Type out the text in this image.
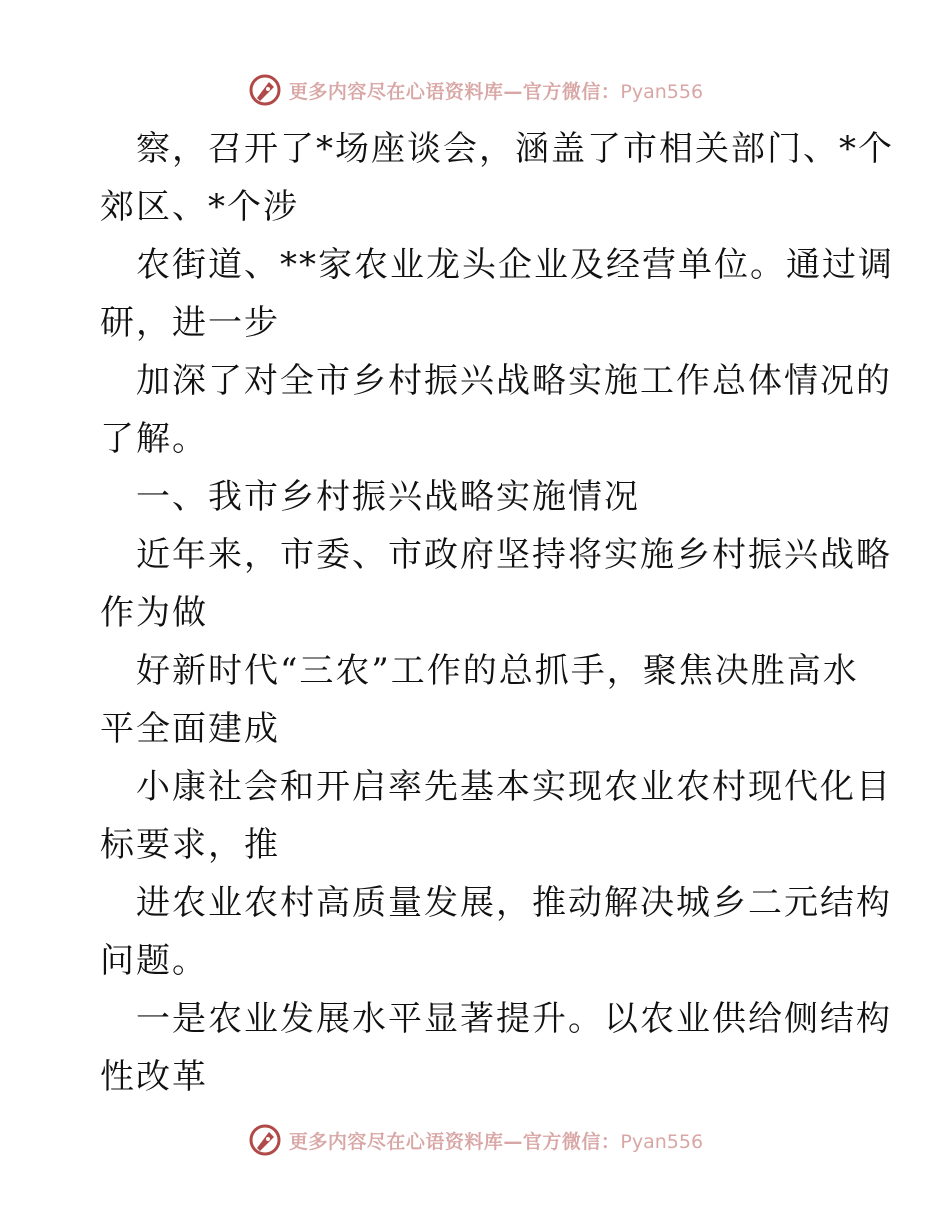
更多内容尽在心语资料库—官方微信：Pyan556
察，召开了*场座谈会，涵盖了市相关部门、*个
郊区、*个涉
农街道、**家农业龙头企业及经营单位。通过调
研，进一步
加深了对全市乡村振兴战略实施工作总体情况的
了解。
一、我市乡村振兴战略实施情况
近年来，市委、市政府坚持将实施乡村振兴战略
作为做
好新时代“三农”工作的总抓手，聚焦决胜高水
平全面建成
小康社会和开启率先基本实现农业农村现代化目
标要求，推
进农业农村高质量发展，推动解决城乡二元结构
问题。
一是农业发展水平显著提升。以农业供给侧结构
性改革
更多内容尽在心语资料库—官方微信：Pyan556
